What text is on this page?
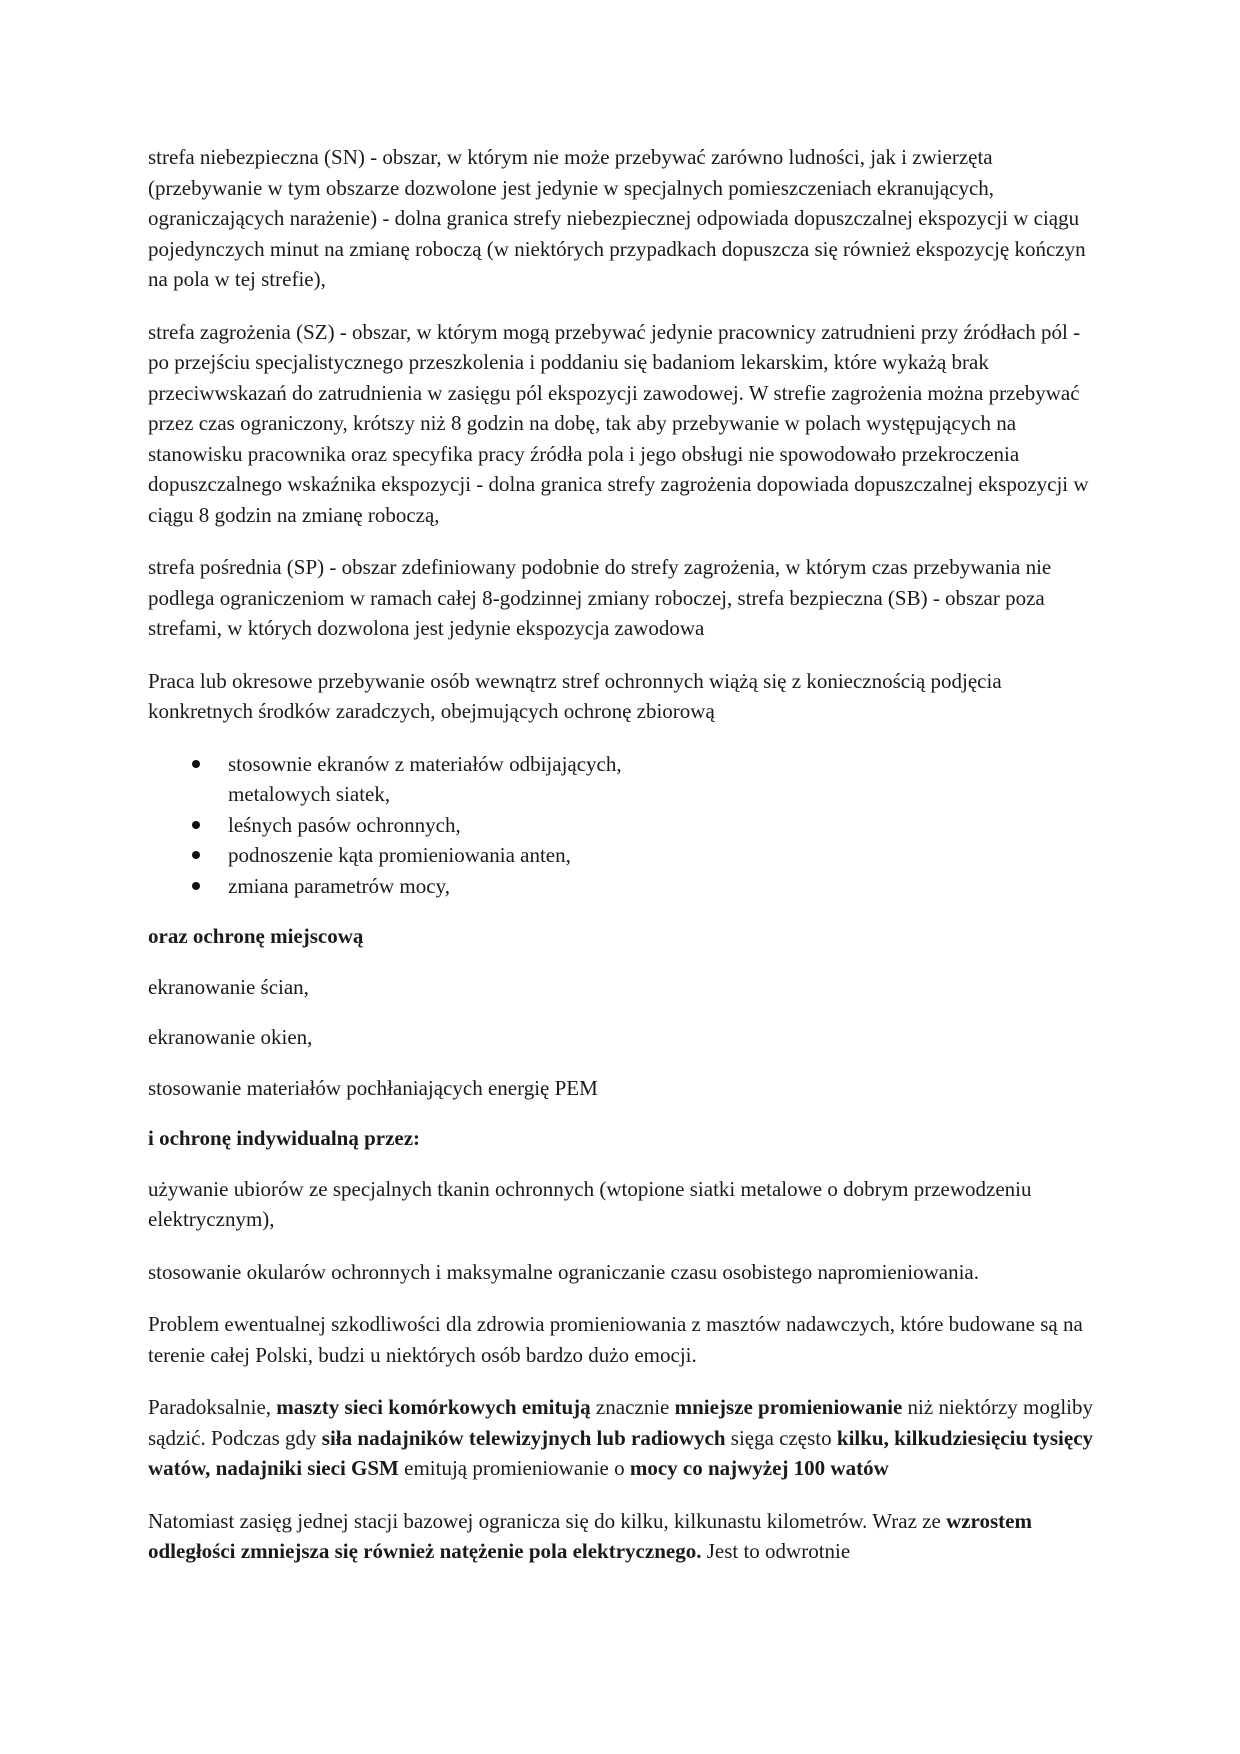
strefa niebezpieczna (SN) - obszar, w którym nie może przebywać zarówno ludności, jak i zwierzęta (przebywanie w tym obszarze dozwolone jest jedynie w specjalnych pomieszczeniach ekranujących, ograniczających narażenie) - dolna granica strefy niebezpiecznej odpowiada dopuszczalnej ekspozycji w ciągu pojedynczych minut na zmianę roboczą (w niektórych przypadkach dopuszcza się również ekspozycję kończyn na pola w tej strefie),

strefa zagrożenia (SZ) - obszar, w którym mogą przebywać jedynie pracownicy zatrudnieni przy źródłach pól - po przejściu specjalistycznego przeszkolenia i poddaniu się badaniom lekarskim, które wykażą brak przeciwwskazań do zatrudnienia w zasięgu pól ekspozycji zawodowej. W strefie zagrożenia można przebywać przez czas ograniczony, krótszy niż 8 godzin na dobę, tak aby przebywanie w polach występujących na stanowisku pracownika oraz specyfika pracy źródła pola i jego obsługi nie spowodowało przekroczenia dopuszczalnego wskaźnika ekspozycji - dolna granica strefy zagrożenia dopowiada dopuszczalnej ekspozycji w ciągu 8 godzin na zmianę roboczą,

strefa pośrednia (SP) - obszar zdefiniowany podobnie do strefy zagrożenia, w którym czas przebywania nie podlega ograniczeniom w ramach całej 8-godzinnej zmiany roboczej, strefa bezpieczna (SB) - obszar poza strefami, w których dozwolona jest jedynie ekspozycja zawodowa

Praca lub okresowe przebywanie osób wewnątrz stref ochronnych wiążą się z koniecznością podjęcia konkretnych środków zaradczych, obejmujących ochronę zbiorową

stosownie ekranów z materiałów odbijających,
metalowych siatek,
leśnych pasów ochronnych,
podnoszenie kąta promieniowania anten,
zmiana parametrów mocy,

oraz ochronę miejscową

ekranowanie ścian,

ekranowanie okien,

stosowanie materiałów pochłaniających energię PEM

i ochronę indywidualną przez:

używanie ubiorów ze specjalnych tkanin ochronnych (wtopione siatki metalowe o dobrym przewodzeniu elektrycznym),

stosowanie okularów ochronnych i maksymalne ograniczanie czasu osobistego napromieniowania.

Problem ewentualnej szkodliwości dla zdrowia promieniowania z masztów nadawczych, które budowane są na terenie całej Polski, budzi u niektórych osób bardzo dużo emocji.

Paradoksalnie, maszty sieci komórkowych emitują znacznie mniejsze promieniowanie niż niektórzy mogliby sądzić. Podczas gdy siła nadajników telewizyjnych lub radiowych sięga często kilku, kilkudziesięciu tysięcy watów, nadajniki sieci GSM emitują promieniowanie o mocy co najwyżej 100 watów

Natomiast zasięg jednej stacji bazowej ogranicza się do kilku, kilkunastu kilometrów. Wraz ze wzrostem odległości zmniejsza się również natężenie pola elektrycznego. Jest to odwrotnie
